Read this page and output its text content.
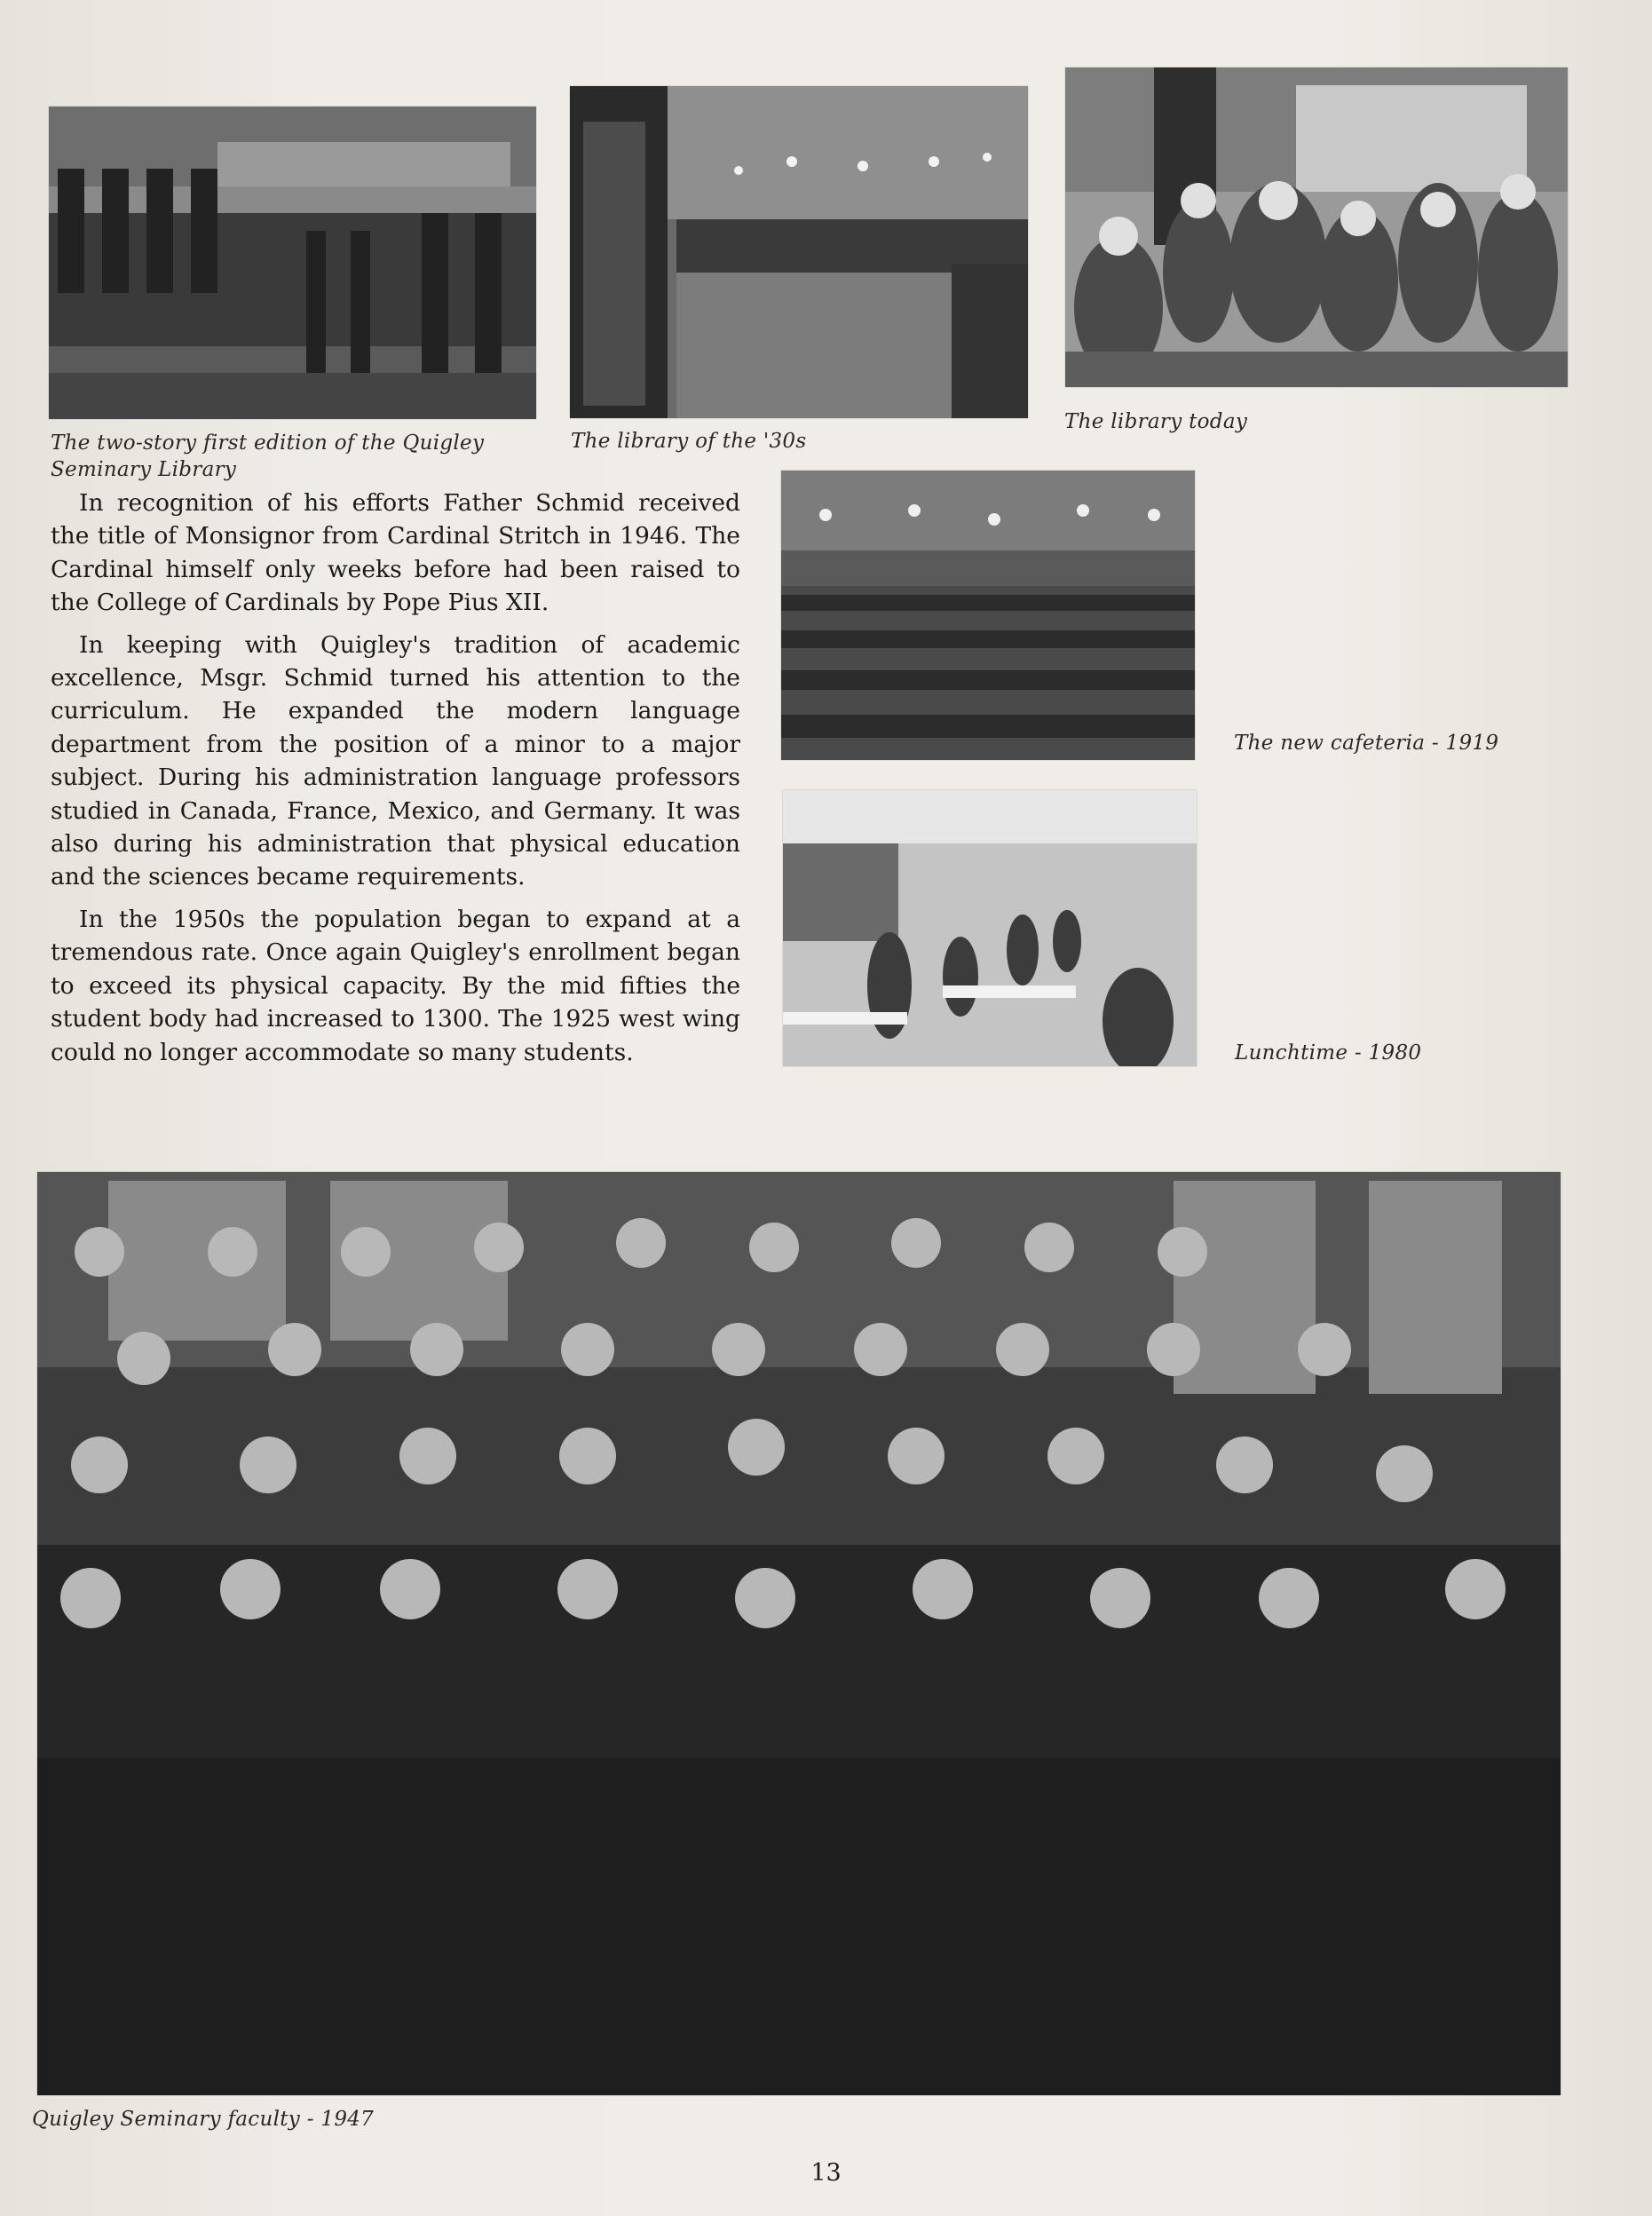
The two-story first edition of the Quigley Seminary Library
The library of the '30s
The library today

In recognition of his efforts Father Schmid received the title of Monsignor from Cardinal Stritch in 1946. The Cardinal himself only weeks before had been raised to the College of Cardinals by Pope Pius XII.

In keeping with Quigley's tradition of academic excellence, Msgr. Schmid turned his attention to the curriculum. He expanded the modern language department from the position of a minor to a major subject. During his administration language professors studied in Canada, France, Mexico, and Germany. It was also during his administration that physical education and the sciences became requirements.

In the 1950s the population began to expand at a tremendous rate. Once again Quigley's enrollment began to exceed its physical capacity. By the mid fifties the student body had increased to 1300. The 1925 west wing could no longer accommodate so many students.

The new cafeteria - 1919
Lunchtime - 1980
Quigley Seminary faculty - 1947
13
